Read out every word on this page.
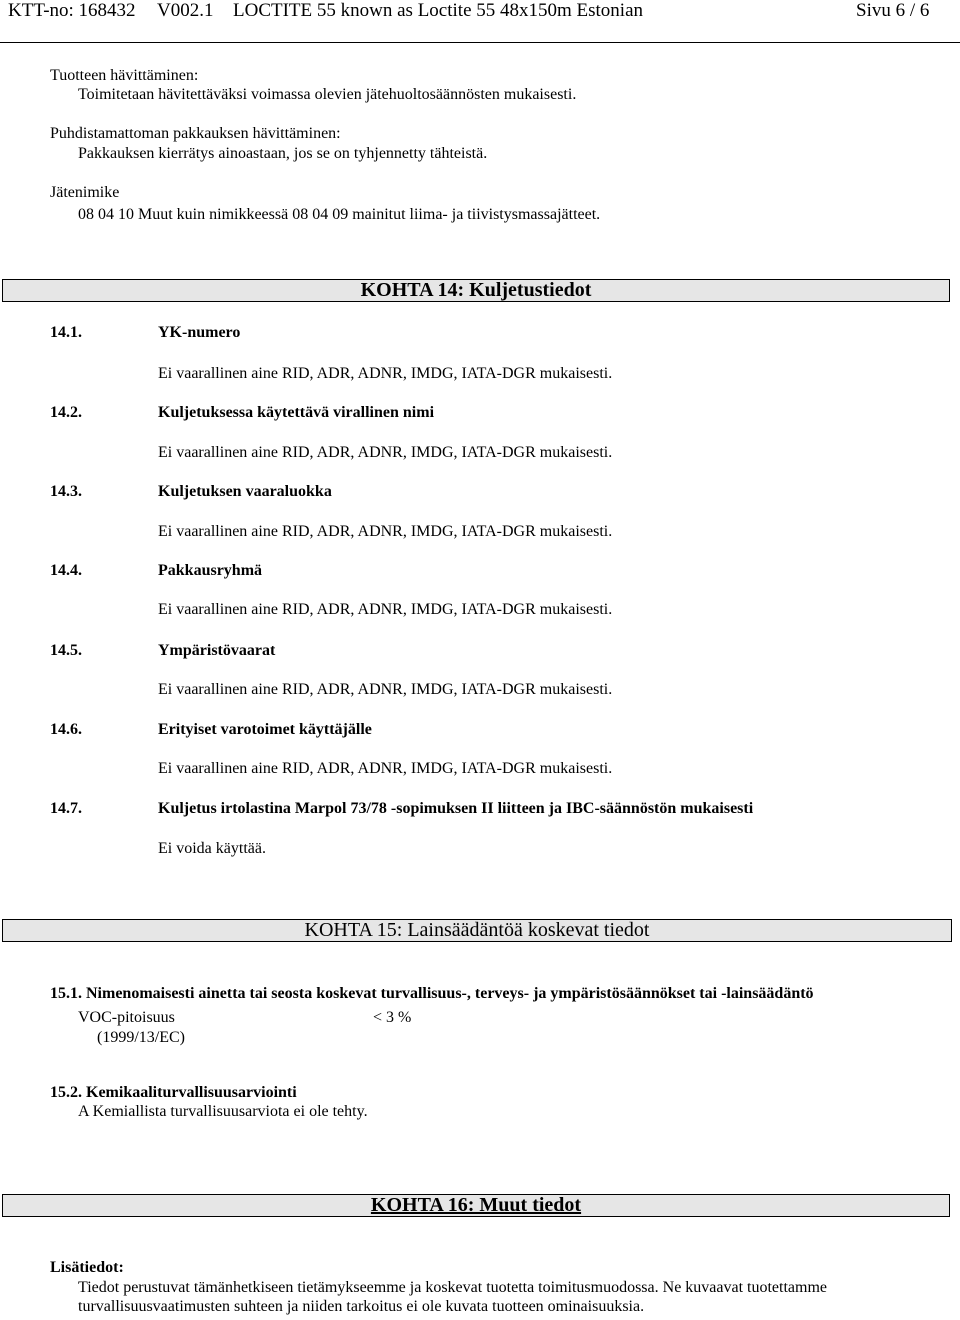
KTT-no: 168432 V002.1 LOCTITE 55 known as Loctite 55 48x150m Estonian	Sivu 6 / 6
Tuotteen hävittäminen:
Toimitetaan hävitettäväksi voimassa olevien jätehuoltosäännösten mukaisesti.
Puhdistamattoman pakkauksen hävittäminen:
Pakkauksen kierrätys ainoastaan, jos se on tyhjennetty tähteistä.
Jätenimike
08 04 10 Muut kuin nimikkeessä 08 04 09 mainitut liima- ja tiivistysmassajätteet.
KOHTA 14: Kuljetustiedot
14.1.	YK-numero
Ei vaarallinen aine RID, ADR, ADNR, IMDG, IATA-DGR mukaisesti.
14.2.	Kuljetuksessa käytettävä virallinen nimi
Ei vaarallinen aine RID, ADR, ADNR, IMDG, IATA-DGR mukaisesti.
14.3.	Kuljetuksen vaaraluokka
Ei vaarallinen aine RID, ADR, ADNR, IMDG, IATA-DGR mukaisesti.
14.4.	Pakkausryhmä
Ei vaarallinen aine RID, ADR, ADNR, IMDG, IATA-DGR mukaisesti.
14.5.	Ympäristövaarat
Ei vaarallinen aine RID, ADR, ADNR, IMDG, IATA-DGR mukaisesti.
14.6.	Erityiset varotoimet käyttäjälle
Ei vaarallinen aine RID, ADR, ADNR, IMDG, IATA-DGR mukaisesti.
14.7.	Kuljetus irtolastina Marpol 73/78 -sopimuksen II liitteen ja IBC-säännöstön mukaisesti
Ei voida käyttää.
KOHTA 15: Lainsäädäntöä koskevat tiedot
15.1. Nimenomaisesti ainetta tai seosta koskevat turvallisuus-, terveys- ja ympäristösäännökset tai -lainsäädäntö
VOC-pitoisuus	< 3 %
(1999/13/EC)
15.2. Kemikaaliturvallisuusarviointi
A Kemiallista turvallisuusarviota ei ole tehty.
KOHTA 16: Muut tiedot
Lisätiedot:
Tiedot perustuvat tämänhetkiseen tietämykseemme ja koskevat tuotetta toimitusmuodossa. Ne kuvaavat tuotettamme
turvallisuusvaatimusten suhteen ja niiden tarkoitus ei ole kuvata tuotteen ominaisuuksia.
